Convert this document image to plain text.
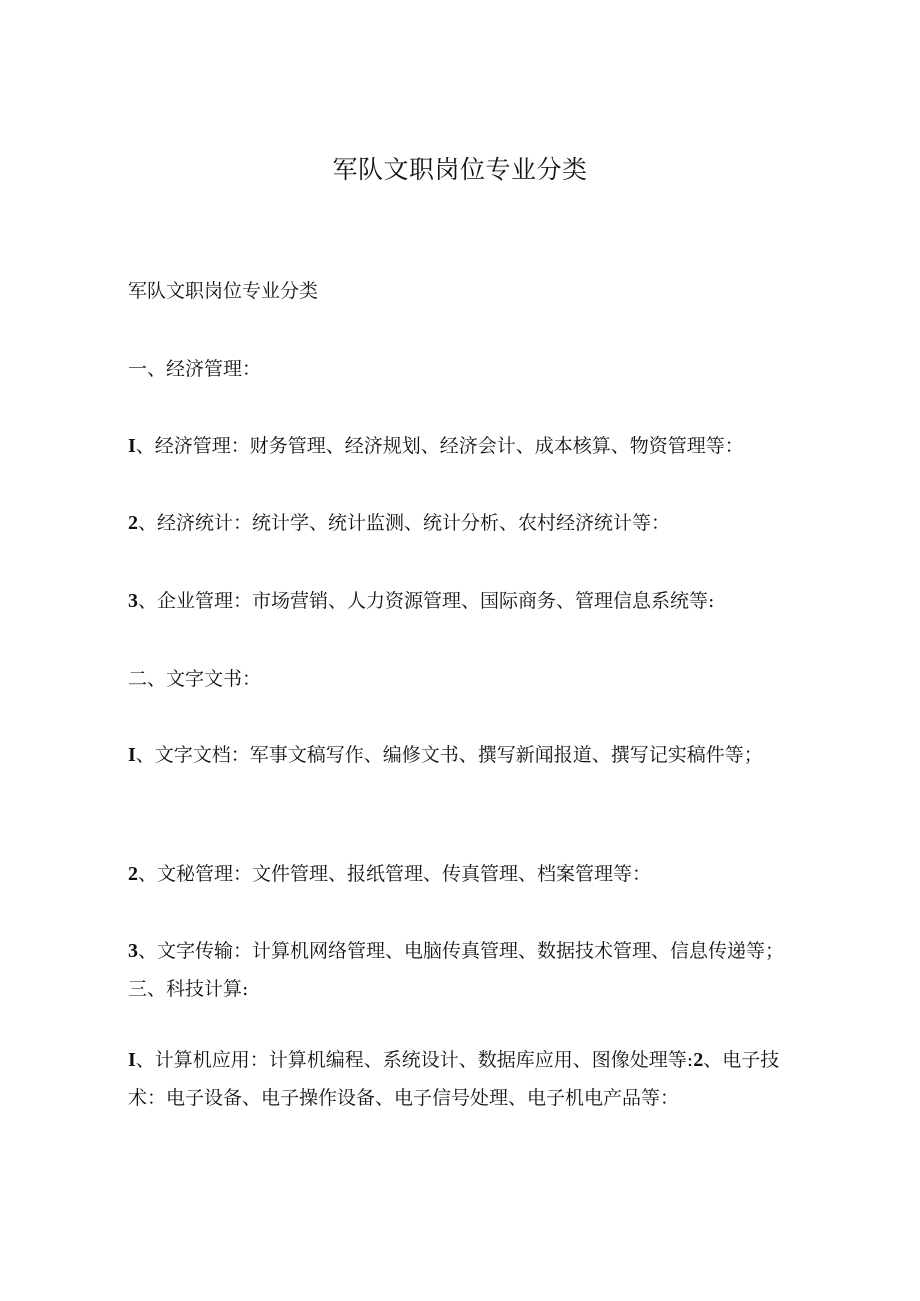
军队文职岗位专业分类
军队文职岗位专业分类
一、经济管理：
I、经济管理：财务管理、经济规划、经济会计、成本核算、物资管理等：
2、经济统计：统计学、统计监测、统计分析、农村经济统计等：
3、企业管理：市场营销、人力资源管理、国际商务、管理信息系统等:
二、文字文书：
I、文字文档：军事文稿写作、编修文书、撰写新闻报道、撰写记实稿件等；
2、文秘管理：文件管理、报纸管理、传真管理、档案管理等：
3、文字传输：计算机网络管理、电脑传真管理、数据技术管理、信息传递等；三、科技计算:
I、计算机应用：计算机编程、系统设计、数据库应用、图像处理等:2、电子技术：电子设备、电子操作设备、电子信号处理、电子机电产品等：
